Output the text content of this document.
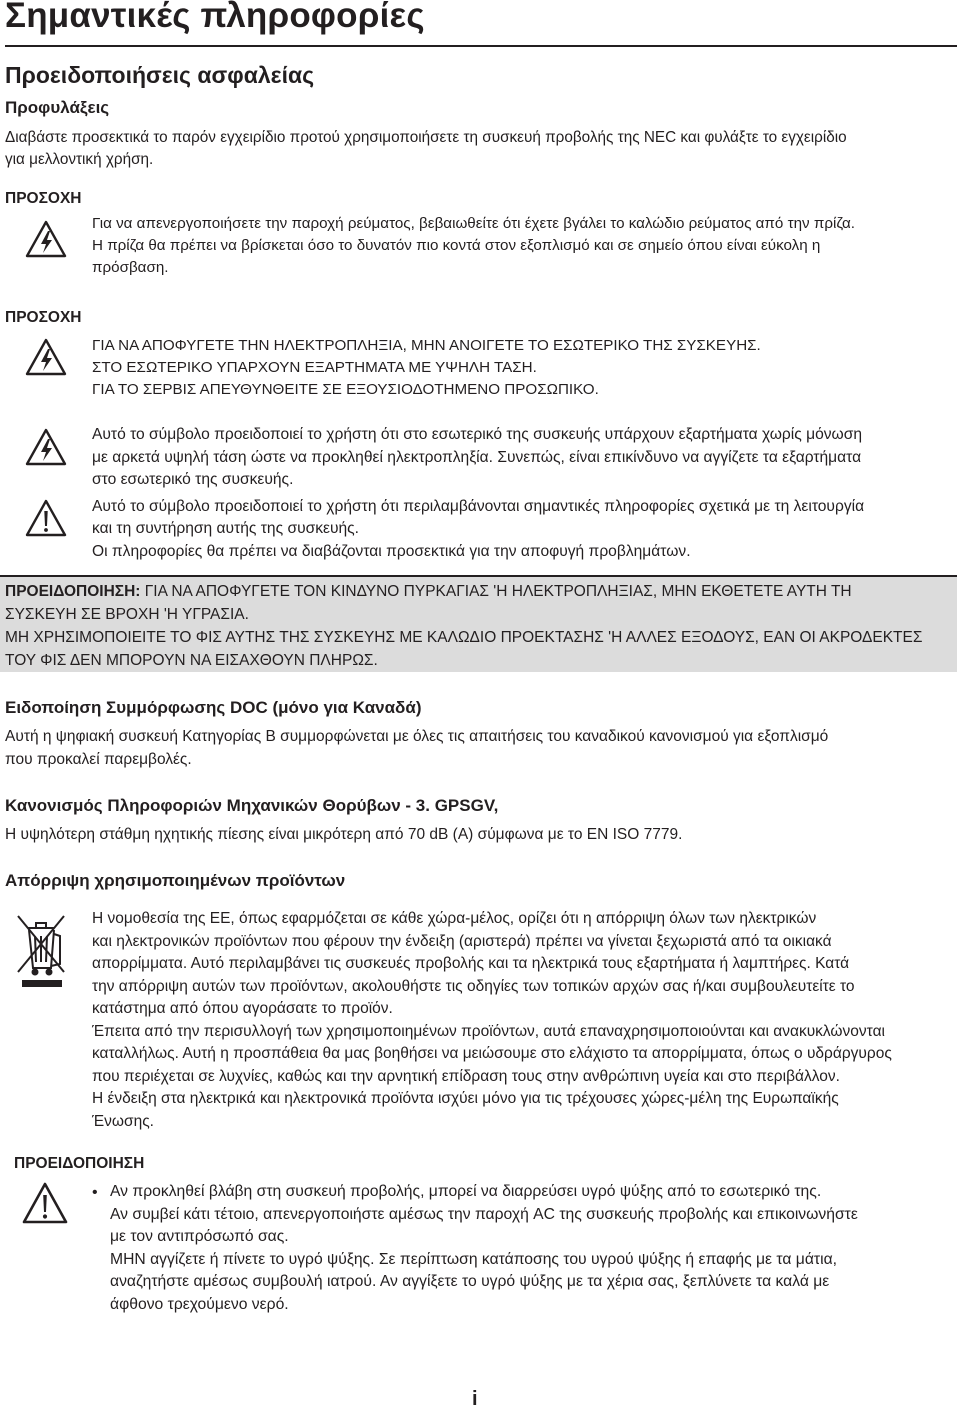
Σημαντικές πληροφορίες
Προειδοποιήσεις ασφαλείας
Προφυλάξεις
Διαβάστε προσεκτικά το παρόν εγχειρίδιο προτού χρησιμοποιήσετε τη συσκευή προβολής της NEC και φυλάξτε το εγχειρίδιο
για μελλοντική χρήση.
ΠΡΟΣΟΧΗ
Για να απενεργοποιήσετε την παροχή ρεύματος, βεβαιωθείτε ότι έχετε βγάλει το καλώδιο ρεύματος από την πρίζα.
Η πρίζα θα πρέπει να βρίσκεται όσο το δυνατόν πιο κοντά στον εξοπλισμό και σε σημείο όπου είναι εύκολη η
πρόσβαση.
ΠΡΟΣΟΧΗ
ΓΙΑ ΝΑ ΑΠΟΦΥΓΕΤΕ ΤΗΝ ΗΛΕΚΤΡΟΠΛΗΞΙΑ, ΜΗΝ ΑΝΟΙΓΕΤΕ ΤΟ ΕΣΩΤΕΡΙΚΟ ΤΗΣ ΣΥΣΚΕΥΗΣ.
ΣΤΟ ΕΣΩΤΕΡΙΚΟ ΥΠΑΡΧΟΥΝ ΕΞΑΡΤΗΜΑΤΑ ΜΕ ΥΨΗΛΗ ΤΑΣΗ.
ΓΙΑ ΤΟ ΣΕΡΒΙΣ ΑΠΕΥΘΥΝΘΕΙΤΕ ΣΕ ΕΞΟΥΣΙΟΔΟΤΗΜΕΝΟ ΠΡΟΣΩΠΙΚΟ.
Αυτό το σύμβολο προειδοποιεί το χρήστη ότι στο εσωτερικό της συσκευής υπάρχουν εξαρτήματα χωρίς μόνωση
με αρκετά υψηλή τάση ώστε να προκληθεί ηλεκτροπληξία. Συνεπώς, είναι επικίνδυνο να αγγίζετε τα εξαρτήματα
στο εσωτερικό της συσκευής.
Αυτό το σύμβολο προειδοποιεί το χρήστη ότι περιλαμβάνονται σημαντικές πληροφορίες σχετικά με τη λειτουργία
και τη συντήρηση αυτής της συσκευής.
Οι πληροφορίες θα πρέπει να διαβάζονται προσεκτικά για την αποφυγή προβλημάτων.
ΠΡΟΕΙΔΟΠΟΙΗΣΗ: ΓΙΑ ΝΑ ΑΠΟΦΥΓΕΤΕ ΤΟΝ ΚΙΝΔΥΝΟ ΠΥΡΚΑΓΙΑΣ 'Η ΗΛΕΚΤΡΟΠΛΗΞΙΑΣ, ΜΗΝ ΕΚΘΕΤΕΤΕ ΑΥΤΗ ΤΗ
ΣΥΣΚΕΥΗ ΣΕ ΒΡΟΧΗ 'Η ΥΓΡΑΣΙΑ.
ΜΗ ΧΡΗΣΙΜΟΠΟΙΕΙΤΕ ΤΟ ΦΙΣ ΑΥΤΗΣ ΤΗΣ ΣΥΣΚΕΥΗΣ ΜΕ ΚΑΛΩΔΙΟ ΠΡΟΕΚΤΑΣΗΣ 'Η ΑΛΛΕΣ ΕΞΟΔΟΥΣ, ΕΑΝ ΟΙ ΑΚΡΟΔΕΚΤΕΣ
ΤΟΥ ΦΙΣ ΔΕΝ ΜΠΟΡΟΥΝ ΝΑ ΕΙΣΑΧΘΟΥΝ ΠΛΗΡΩΣ.
Ειδοποίηση Συμμόρφωσης DOC (μόνο για Καναδά)
Αυτή η ψηφιακή συσκευή Κατηγορίας Β συμμορφώνεται με όλες τις απαιτήσεις του καναδικού κανονισμού για εξοπλισμό
που προκαλεί παρεμβολές.
Κανονισμός Πληροφοριών Μηχανικών Θορύβων - 3. GPSGV,
Η υψηλότερη στάθμη ηχητικής πίεσης είναι μικρότερη από 70 dB (A) σύμφωνα με το EN ISO 7779.
Απόρριψη χρησιμοποιημένων προϊόντων
Η νομοθεσία της ΕΕ, όπως εφαρμόζεται σε κάθε χώρα-μέλος, ορίζει ότι η απόρριψη όλων των ηλεκτρικών
και ηλεκτρονικών προϊόντων που φέρουν την ένδειξη (αριστερά) πρέπει να γίνεται ξεχωριστά από τα οικιακά
απορρίμματα. Αυτό περιλαμβάνει τις συσκευές προβολής και τα ηλεκτρικά τους εξαρτήματα ή λαμπτήρες. Κατά
την απόρριψη αυτών των προϊόντων, ακολουθήστε τις οδηγίες των τοπικών αρχών σας ή/και συμβουλευτείτε το
κατάστημα από όπου αγοράσατε το προϊόν.
Έπειτα από την περισυλλογή των χρησιμοποιημένων προϊόντων, αυτά επαναχρησιμοποιούνται και ανακυκλώνονται
καταλλήλως. Αυτή η προσπάθεια θα μας βοηθήσει να μειώσουμε στο ελάχιστο τα απορρίμματα, όπως ο υδράργυρος
που περιέχεται σε λυχνίες, καθώς και την αρνητική επίδραση τους στην ανθρώπινη υγεία και στο περιβάλλον.
Η ένδειξη στα ηλεκτρικά και ηλεκτρονικά προϊόντα ισχύει μόνο για τις τρέχουσες χώρες-μέλη της Ευρωπαϊκής
Ένωσης.
ΠΡΟΕΙΔΟΠΟΙΗΣΗ
• Αν προκληθεί βλάβη στη συσκευή προβολής, μπορεί να διαρρεύσει υγρό ψύξης από το εσωτερικό της.
Αν συμβεί κάτι τέτοιο, απενεργοποιήστε αμέσως την παροχή AC της συσκευής προβολής και επικοινωνήστε
με τον αντιπρόσωπό σας.
ΜΗΝ αγγίζετε ή πίνετε το υγρό ψύξης. Σε περίπτωση κατάποσης του υγρού ψύξης ή επαφής με τα μάτια,
αναζητήστε αμέσως συμβουλή ιατρού. Αν αγγίξετε το υγρό ψύξης με τα χέρια σας, ξεπλύνετε τα καλά με
άφθονο τρεχούμενο νερό.
i
